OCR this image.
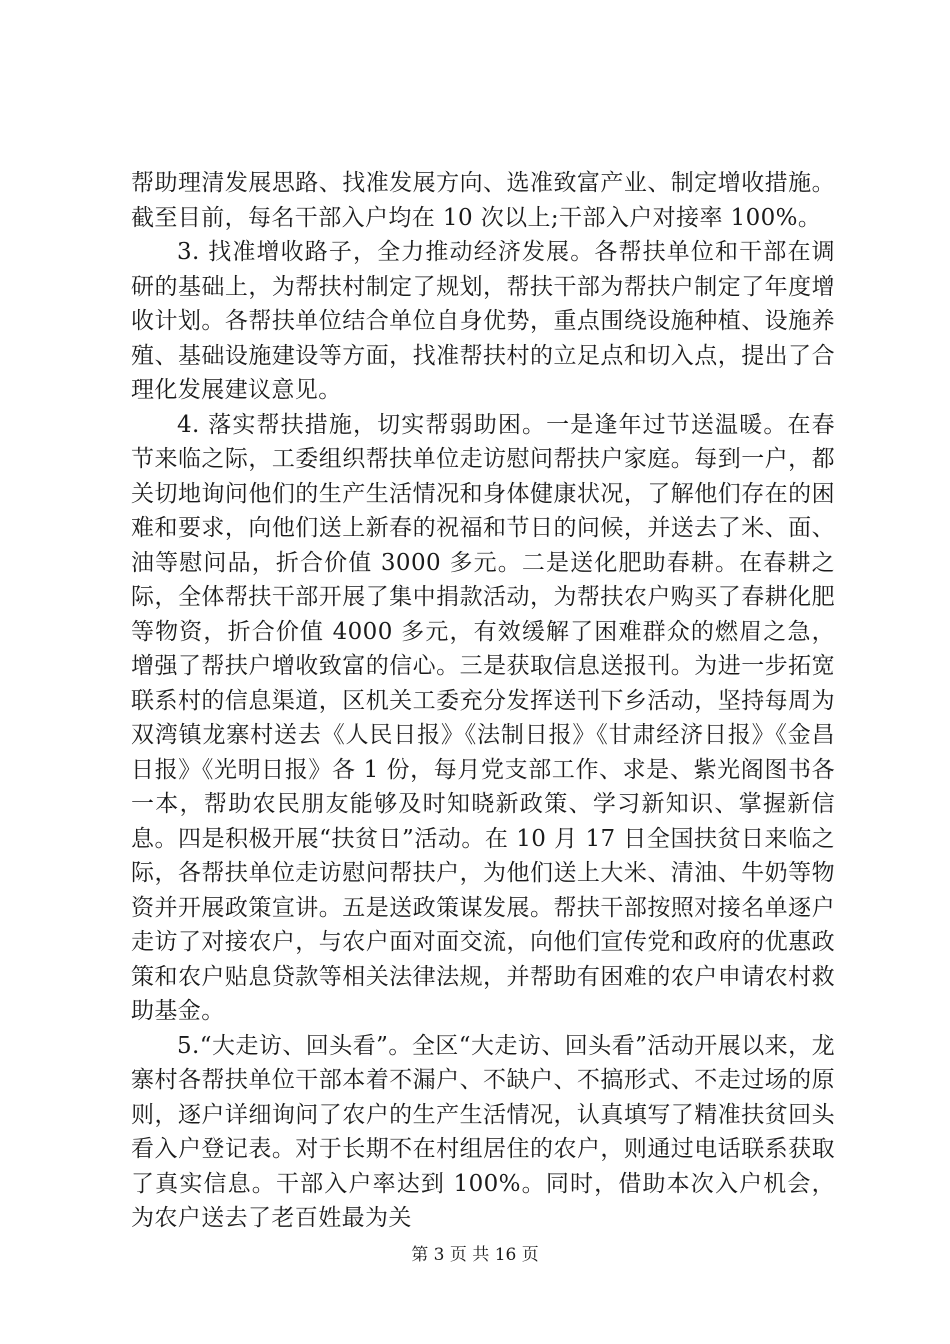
帮助理清发展思路、找准发展方向、选准致富产业、制定增收措施。截至目前，每名干部入户均在 10 次以上;干部入户对接率 100%。

3. 找准增收路子，全力推动经济发展。各帮扶单位和干部在调研的基础上，为帮扶村制定了规划，帮扶干部为帮扶户制定了年度增收计划。各帮扶单位结合单位自身优势，重点围绕设施种植、设施养殖、基础设施建设等方面，找准帮扶村的立足点和切入点，提出了合理化发展建议意见。

4. 落实帮扶措施，切实帮弱助困。一是逢年过节送温暖。在春节来临之际，工委组织帮扶单位走访慰问帮扶户家庭。每到一户，都关切地询问他们的生产生活情况和身体健康状况，了解他们存在的困难和要求，向他们送上新春的祝福和节日的问候，并送去了米、面、油等慰问品，折合价值 3000 多元。二是送化肥助春耕。在春耕之际，全体帮扶干部开展了集中捐款活动，为帮扶农户购买了春耕化肥等物资，折合价值 4000 多元，有效缓解了困难群众的燃眉之急，增强了帮扶户增收致富的信心。三是获取信息送报刊。为进一步拓宽联系村的信息渠道，区机关工委充分发挥送刊下乡活动，坚持每周为双湾镇龙寨村送去《人民日报》《法制日报》《甘肃经济日报》《金昌日报》《光明日报》各 1 份，每月党支部工作、求是、紫光阁图书各一本，帮助农民朋友能够及时知晓新政策、学习新知识、掌握新信息。四是积极开展“扶贫日”活动。在 10 月 17 日全国扶贫日来临之际，各帮扶单位走访慰问帮扶户，为他们送上大米、清油、牛奶等物资并开展政策宣讲。五是送政策谋发展。帮扶干部按照对接名单逐户走访了对接农户，与农户面对面交流，向他们宣传党和政府的优惠政策和农户贴息贷款等相关法律法规，并帮助有困难的农户申请农村救助基金。

5.“大走访、回头看”。全区“大走访、回头看”活动开展以来，龙寨村各帮扶单位干部本着不漏户、不缺户、不搞形式、不走过场的原则，逐户详细询问了农户的生产生活情况，认真填写了精准扶贫回头看入户登记表。对于长期不在村组居住的农户，则通过电话联系获取了真实信息。干部入户率达到 100%。同时，借助本次入户机会，为农户送去了老百姓最为关

第 3 页 共 16 页
